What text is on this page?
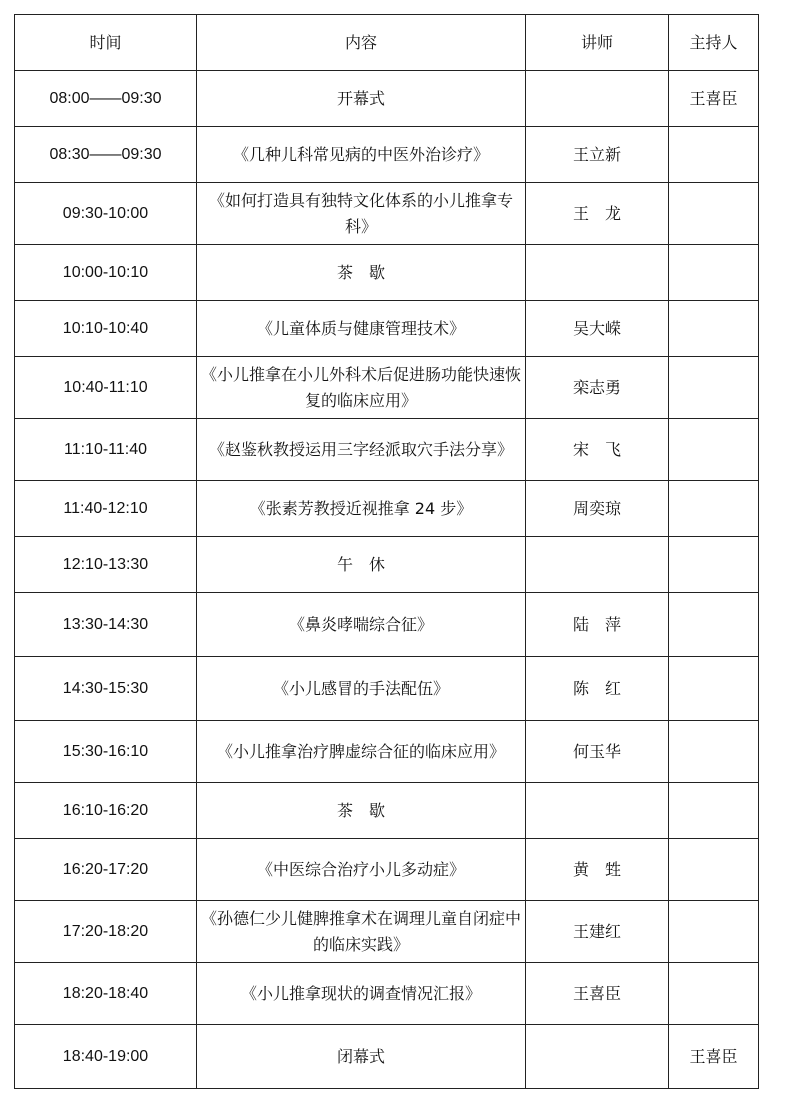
时间	内容	讲师	主持人
08:00——09:30	开幕式		王喜臣
08:30——09:30	《几种儿科常见病的中医外治诊疗》	王立新	
09:30-10:00	《如何打造具有独特文化体系的小儿推拿专科》	王　龙	
10:00-10:10	茶　歇		
10:10-10:40	《儿童体质与健康管理技术》	吴大嵘	
10:40-11:10	《小儿推拿在小儿外科术后促进肠功能快速恢复的临床应用》	栾志勇	
11:10-11:40	《赵鉴秋教授运用三字经派取穴手法分享》	宋　飞	
11:40-12:10	《张素芳教授近视推拿 24 步》	周奕琼	
12:10-13:30	午　休		
13:30-14:30	《鼻炎哮喘综合征》	陆　萍	
14:30-15:30	《小儿感冒的手法配伍》	陈　红	
15:30-16:10	《小儿推拿治疗脾虚综合征的临床应用》	何玉华	
16:10-16:20	茶　歇		
16:20-17:20	《中医综合治疗小儿多动症》	黄　甡	
17:20-18:20	《孙德仁少儿健脾推拿术在调理儿童自闭症中的临床实践》	王建红	
18:20-18:40	《小儿推拿现状的调查情况汇报》	王喜臣	
18:40-19:00	闭幕式		王喜臣
